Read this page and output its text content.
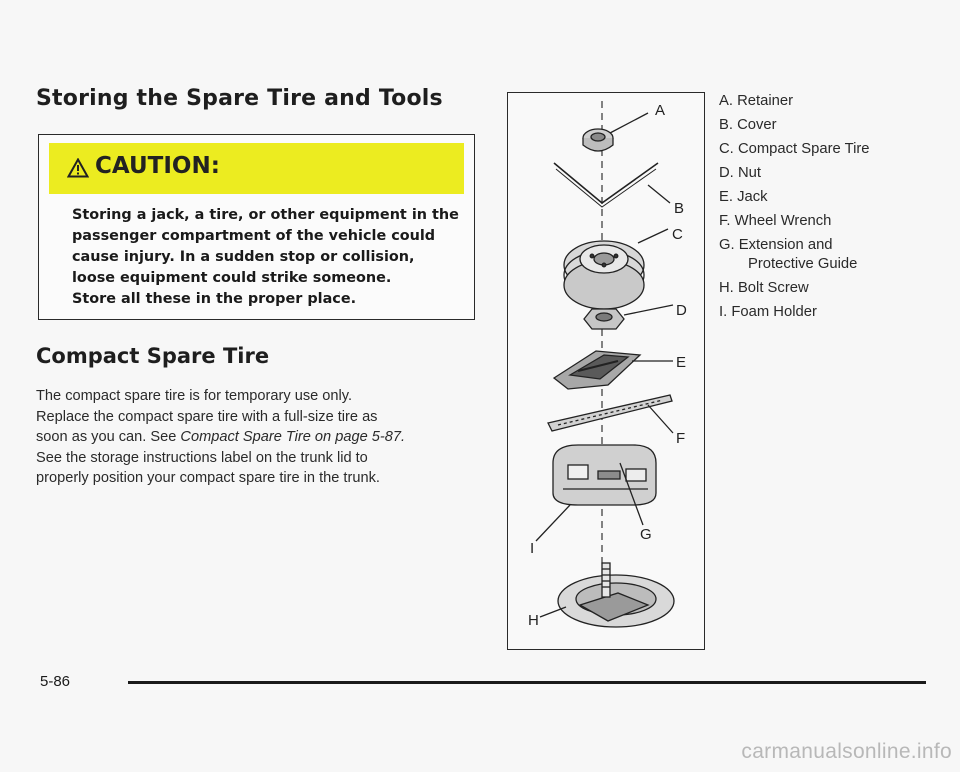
Storing the Spare Tire and Tools
CAUTION:

Storing a jack, a tire, or other equipment in the
passenger compartment of the vehicle could
cause injury. In a sudden stop or collision,
loose equipment could strike someone.
Store all these in the proper place.

Compact Spare Tire

The compact spare tire is for temporary use only.
Replace the compact spare tire with a full-size tire as
soon as you can. See Compact Spare Tire on page 5-87.
See the storage instructions label on the trunk lid to
properly position your compact spare tire in the trunk.

A
B
C
D
E
F
G
I
H
A. Retainer
B. Cover
C. Compact Spare Tire
D. Nut
E. Jack
F. Wheel Wrench
G. Extension and
Protective Guide
H. Bolt Screw
I. Foam Holder
5-86
carmanualsonline.info
